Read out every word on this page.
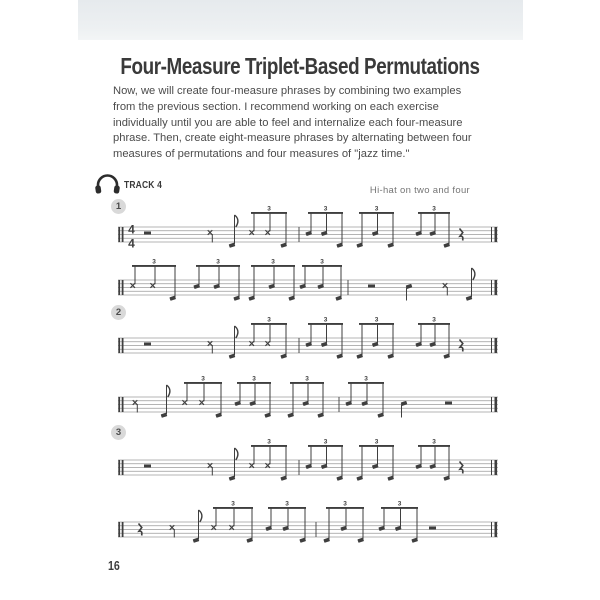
Four-Measure Triplet-Based Permutations
Now, we will create four-measure phrases by combining two examples from the previous section. I recommend working on each exercise individually until you are able to feel and internalize each four-measure phrase. Then, create eight-measure phrases by alternating between four measures of permutations and four measures of "jazz time."
TRACK 4	Hi-hat on two and four
1
2
3
4
4
3	3	3	3
3	3	3	3
3	3	3	3
3	3	3	3
3	3	3	3
3	3	3	3
16
